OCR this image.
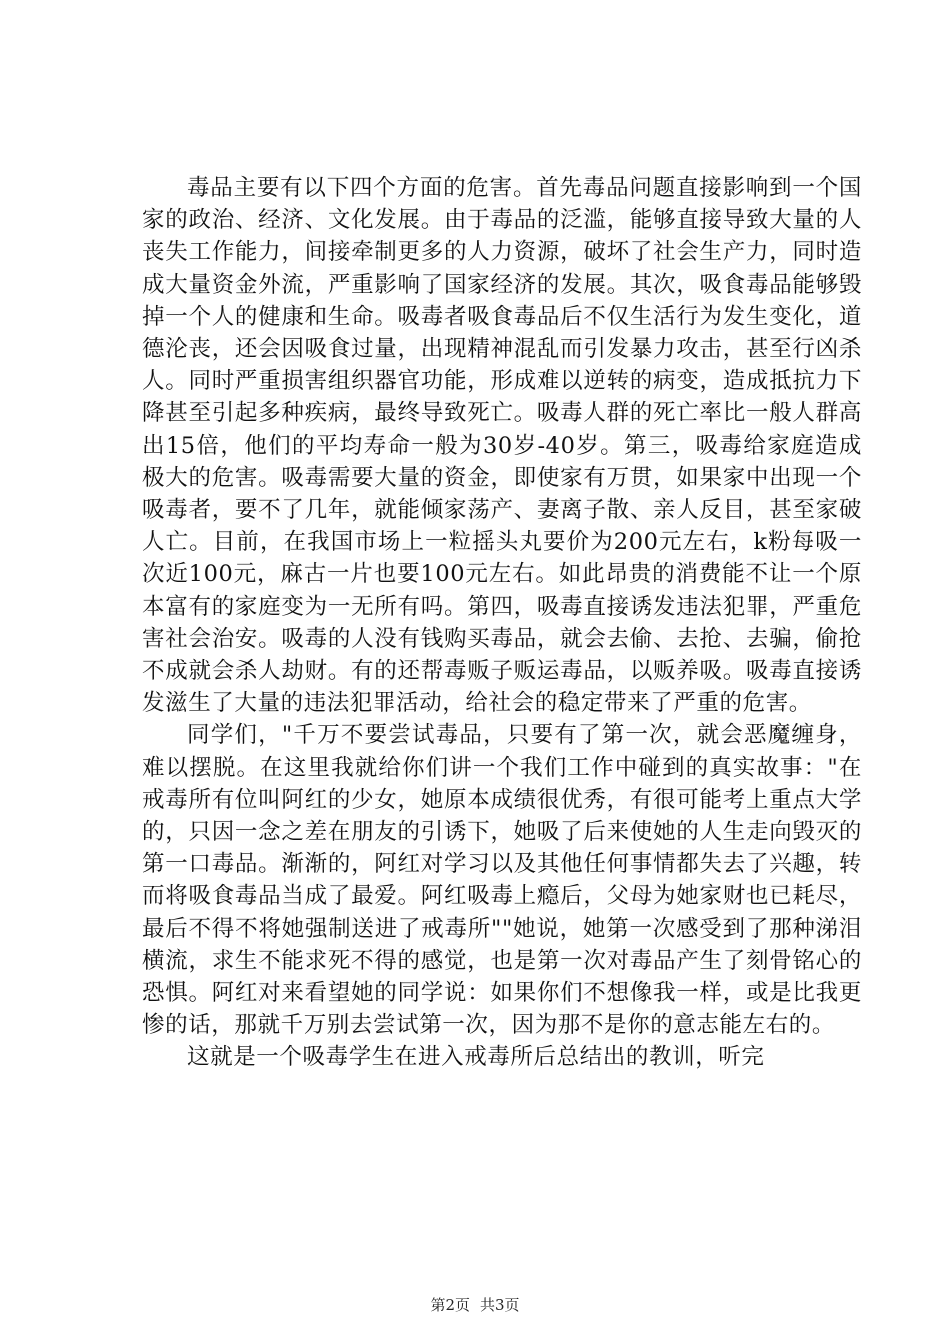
毒品主要有以下四个方面的危害。首先毒品问题直接影响到一个国家的政治、经济、文化发展。由于毒品的泛滥，能够直接导致大量的人丧失工作能力，间接牵制更多的人力资源，破坏了社会生产力，同时造成大量资金外流，严重影响了国家经济的发展。其次，吸食毒品能够毁掉一个人的健康和生命。吸毒者吸食毒品后不仅生活行为发生变化，道德沦丧，还会因吸食过量，出现精神混乱而引发暴力攻击，甚至行凶杀人。同时严重损害组织器官功能，形成难以逆转的病变，造成抵抗力下降甚至引起多种疾病，最终导致死亡。吸毒人群的死亡率比一般人群高出15倍，他们的平均寿命一般为30岁-40岁。第三，吸毒给家庭造成极大的危害。吸毒需要大量的资金，即使家有万贯，如果家中出现一个吸毒者，要不了几年，就能倾家荡产、妻离子散、亲人反目，甚至家破人亡。目前，在我国市场上一粒摇头丸要价为200元左右，k粉每吸一次近100元，麻古一片也要100元左右。如此昂贵的消费能不让一个原本富有的家庭变为一无所有吗。第四，吸毒直接诱发违法犯罪，严重危害社会治安。吸毒的人没有钱购买毒品，就会去偷、去抢、去骗，偷抢不成就会杀人劫财。有的还帮毒贩子贩运毒品，以贩养吸。吸毒直接诱发滋生了大量的违法犯罪活动，给社会的稳定带来了严重的危害。

同学们，"千万不要尝试毒品，只要有了第一次，就会恶魔缠身，难以摆脱。在这里我就给你们讲一个我们工作中碰到的真实故事："在戒毒所有位叫阿红的少女，她原本成绩很优秀，有很可能考上重点大学的，只因一念之差在朋友的引诱下，她吸了后来使她的人生走向毁灭的第一口毒品。渐渐的，阿红对学习以及其他任何事情都失去了兴趣，转而将吸食毒品当成了最爱。阿红吸毒上瘾后，父母为她家财也已耗尽，最后不得不将她强制送进了戒毒所""她说，她第一次感受到了那种涕泪横流，求生不能求死不得的感觉，也是第一次对毒品产生了刻骨铭心的恐惧。阿红对来看望她的同学说：如果你们不想像我一样，或是比我更惨的话，那就千万别去尝试第一次，因为那不是你的意志能左右的。

这就是一个吸毒学生在进入戒毒所后总结出的教训，听完

第2页 共3页
